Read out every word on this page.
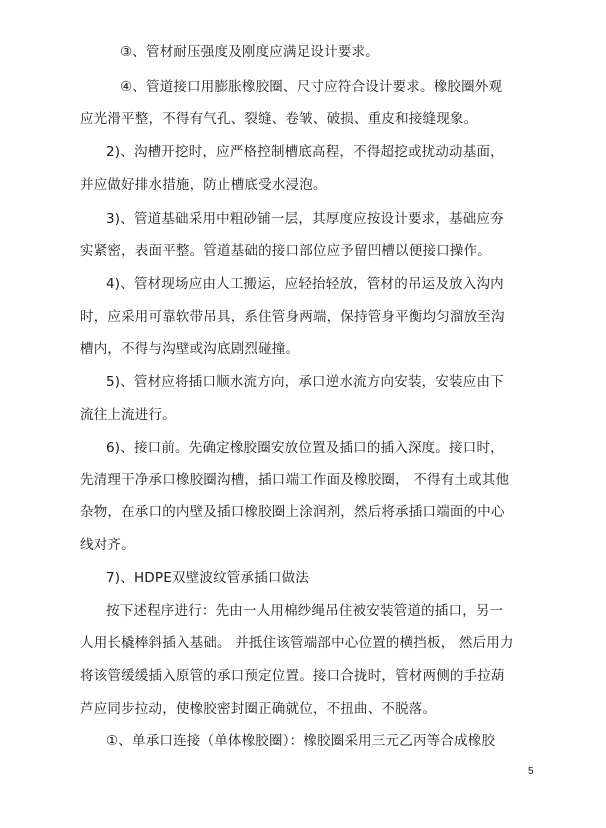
③、管材耐压强度及刚度应满足设计要求。
④、管道接口用膨胀橡胶圈、尺寸应符合设计要求。橡胶圈外观
应光滑平整，不得有气孔、裂缝、卷皱、破损、重皮和接缝现象。
2)、沟槽开挖时，应严格控制槽底高程，不得超挖或扰动动基面，
并应做好排水措施，防止槽底受水浸泡。
3)、管道基础采用中粗砂铺一层，其厚度应按设计要求，基础应夯
实紧密，表面平整。管道基础的接口部位应予留凹槽以便接口操作。
4)、管材现场应由人工搬运，应轻抬轻放，管材的吊运及放入沟内
时，应采用可靠软带吊具，系住管身两端，保持管身平衡均匀溜放至沟
槽内，不得与沟壁或沟底剧烈碰撞。
5)、管材应将插口顺水流方向，承口逆水流方向安装，安装应由下
流往上流进行。
6)、接口前。先确定橡胶圈安放位置及插口的插入深度。接口时，
先清理干净承口橡胶圈沟槽，插口端工作面及橡胶圈， 不得有土或其他
杂物，在承口的内壁及插口橡胶圈上涂润剂，然后将承插口端面的中心
线对齐。
7)、HDPE双壁波纹管承插口做法
按下述程序进行：先由一人用棉纱绳吊住被安装管道的插口，另一
人用长橇棒斜插入基础。 并抵住该管端部中心位置的横挡板， 然后用力
将该管缓缓插入原管的承口预定位置。接口合拢时，管材两侧的手拉葫
芦应同步拉动，使橡胶密封圈正确就位，不扭曲、不脱落。
①、单承口连接（单体橡胶圈）：橡胶圈采用三元乙丙等合成橡胶
5
